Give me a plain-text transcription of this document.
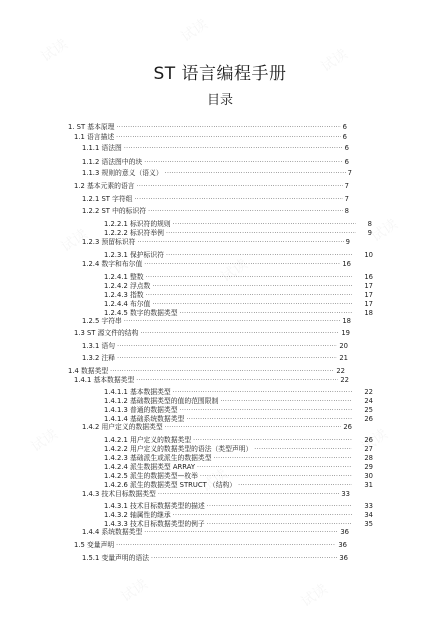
ST 语言编程手册
目录
1. ST 基本原理 .....	6
1.1 语言描述 .....	6
1.1.1 语法图 .....	6
1.1.2 语法图中的块 .....	6
1.1.3 规则的意义（语义） .....	7
1.2 基本元素的语言 .....	7
1.2.1 ST 字符组 .....	7
1.2.2 ST 中的标识符 .....	8
1.2.2.1 标识符的规则 .....	8
1.2.2.2 标识符举例 .....	9
1.2.3 预留标识符 .....	9
1.2.3.1 保护标识符 .....	10
1.2.4 数字和布尔值 .....	16
1.2.4.1 整数 .....	16
1.2.4.2 浮点数 .....	17
1.2.4.3 指数 .....	17
1.2.4.4 布尔值 .....	17
1.2.4.5 数字的数据类型 .....	18
1.2.5 字符串 .....	18
1.3 ST 源文件的结构 .....	19
1.3.1 语句 .....	20
1.3.2 注释 .....	21
1.4 数据类型 .....	22
1.4.1 基本数据类型 .....	22
1.4.1.1 基本数据类型 .....	22
1.4.1.2 基础数据类型的值的范围限制 .....	24
1.4.1.3 普通的数据类型 .....	25
1.4.1.4 基础系统数据类型 .....	26
1.4.2 用户定义的数据类型 .....	26
1.4.2.1 用户定义的数据类型 .....	26
1.4.2.2 用户定义的数据类型的语法（类型声明） .....	27
1.4.2.3 基础派生或派生的数据类型 .....	28
1.4.2.4 派生数据类型 ARRAY .....	29
1.4.2.5 派生的数据类型—枚举 .....	30
1.4.2.6 派生的数据类型 STRUCT （结构） .....	31
1.4.3 技术目标数据类型 .....	33
1.4.3.1 技术目标数据类型的描述 .....	33
1.4.3.2 轴属性的继承 .....	34
1.4.3.3 技术目标数据类型的例子 .....	35
1.4.4 系统数据类型 .....	36
1.5 变量声明 .....	36
1.5.1 变量声明的语法 .....	36
